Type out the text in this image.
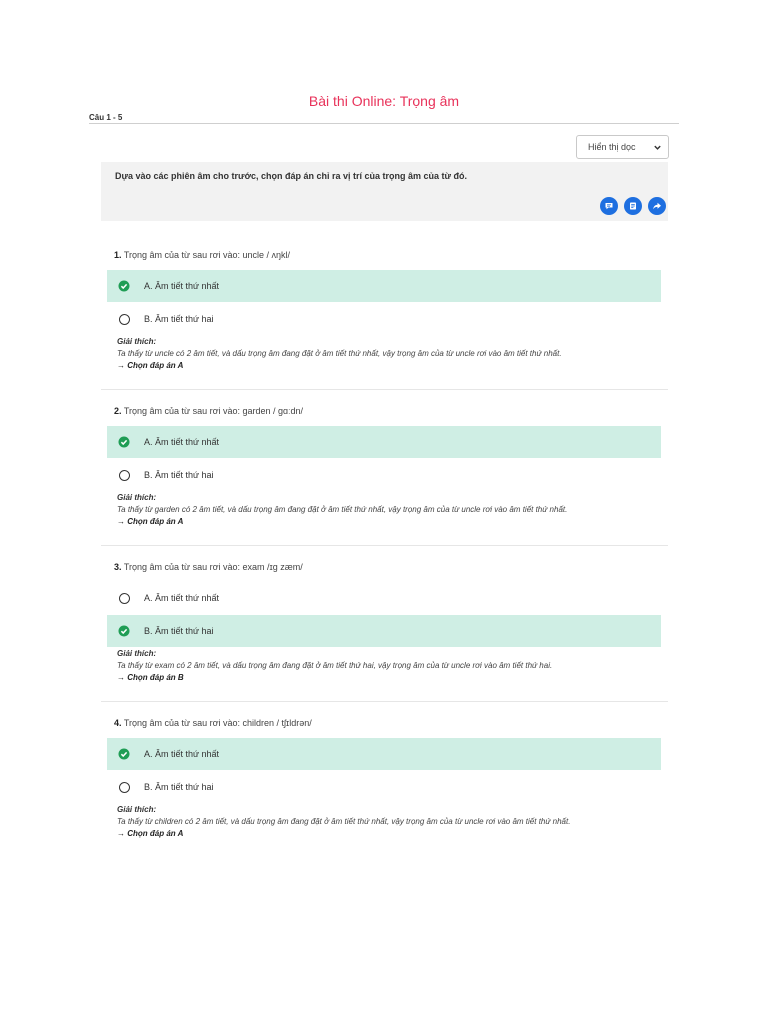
Bài thi Online: Trọng âm
Câu 1 - 5
Hiển thị dọc
Dựa vào các phiên âm cho trước, chọn đáp án chỉ ra vị trí của trọng âm của từ đó.
1. Trọng âm của từ sau rơi vào: uncle / ʌŋkl/
A. Âm tiết thứ nhất
B. Âm tiết thứ hai
Giải thích:
Ta thấy từ uncle có 2 âm tiết, và dấu trọng âm đang đặt ở âm tiết thứ nhất, vậy trọng âm của từ uncle rơi vào âm tiết thứ nhất.
→ Chọn đáp án A
2. Trọng âm của từ sau rơi vào: garden / gɑːdn/
A. Âm tiết thứ nhất
B. Âm tiết thứ hai
Giải thích:
Ta thấy từ garden có 2 âm tiết, và dấu trọng âm đang đặt ở âm tiết thứ nhất, vậy trọng âm của từ uncle rơi vào âm tiết thứ nhất.
→ Chọn đáp án A
3. Trọng âm của từ sau rơi vào: exam /ɪg zæm/
A. Âm tiết thứ nhất
B. Âm tiết thứ hai
Giải thích:
Ta thấy từ exam có 2 âm tiết, và dấu trọng âm đang đặt ở âm tiết thứ hai, vậy trọng âm của từ uncle rơi vào âm tiết thứ hai.
→ Chọn đáp án B
4. Trọng âm của từ sau rơi vào: children / tʃɪldrən/
A. Âm tiết thứ nhất
B. Âm tiết thứ hai
Giải thích:
Ta thấy từ children có 2 âm tiết, và dấu trọng âm đang đặt ở âm tiết thứ nhất, vậy trọng âm của từ uncle rơi vào âm tiết thứ nhất.
→ Chọn đáp án A
